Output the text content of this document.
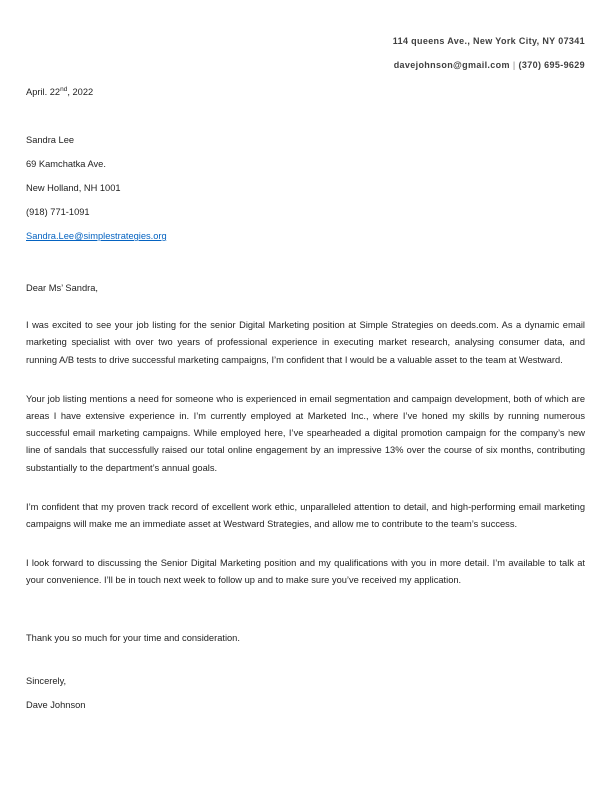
114 queens Ave., New York City, NY 07341
davejohnson@gmail.com | (370) 695-9629
April. 22nd, 2022
Sandra Lee
69 Kamchatka Ave.
New Holland, NH 1001
(918) 771-1091
Sandra.Lee@simplestrategies.org

Dear Ms’ Sandra,

I was excited to see your job listing for the senior Digital Marketing position at Simple Strategies on deeds.com. As a dynamic email marketing specialist with over two years of professional experience in executing market research, analysing consumer data, and running A/B tests to drive successful marketing campaigns, I’m confident that I would be a valuable asset to the team at Westward.

Your job listing mentions a need for someone who is experienced in email segmentation and campaign development, both of which are areas I have extensive experience in. I’m currently employed at Marketed Inc., where I’ve honed my skills by running numerous successful email marketing campaigns. While employed here, I’ve spearheaded a digital promotion campaign for the company’s new line of sandals that successfully raised our total online engagement by an impressive 13% over the course of six months, contributing substantially to the department’s annual goals.

I’m confident that my proven track record of excellent work ethic, unparalleled attention to detail, and high-performing email marketing campaigns will make me an immediate asset at Westward Strategies, and allow me to contribute to the team’s success.

I look forward to discussing the Senior Digital Marketing position and my qualifications with you in more detail. I’m available to talk at your convenience. I’ll be in touch next week to follow up and to make sure you’ve received my application.

Thank you so much for your time and consideration.

Sincerely,

Dave Johnson
